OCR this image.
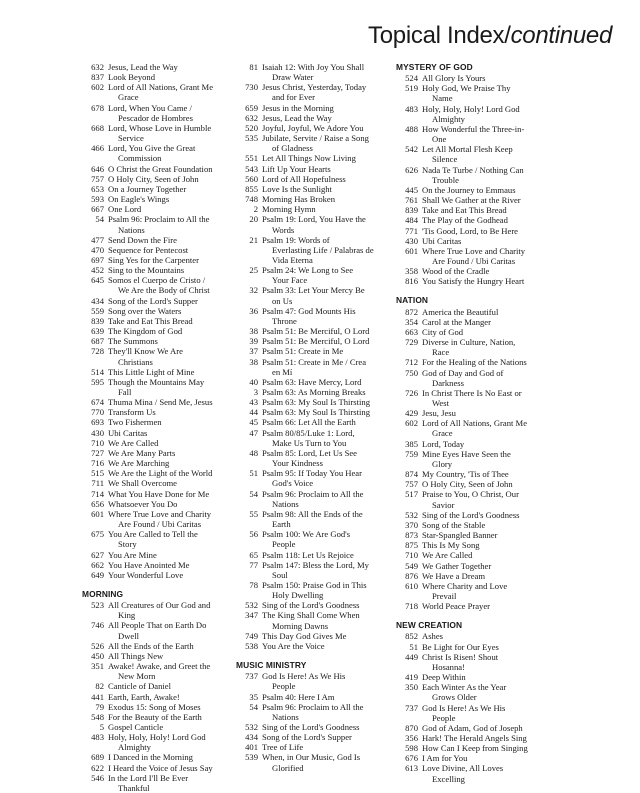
Topical Index/continued
632 Jesus, Lead the Way
837 Look Beyond
602 Lord of All Nations, Grant Me
Grace
678 Lord, When You Came /
Pescador de Hombres
668 Lord, Whose Love in Humble
Service
466 Lord, You Give the Great
Commission
646 O Christ the Great Foundation
757 O Holy City, Seen of John
653 On a Journey Together
593 On Eagle's Wings
667 One Lord
54 Psalm 96: Proclaim to All the
Nations
477 Send Down the Fire
470 Sequence for Pentecost
697 Sing Yes for the Carpenter
452 Sing to the Mountains
645 Somos el Cuerpo de Cristo /
We Are the Body of Christ
434 Song of the Lord's Supper
559 Song over the Waters
839 Take and Eat This Bread
639 The Kingdom of God
687 The Summons
728 They'll Know We Are
Christians
514 This Little Light of Mine
595 Though the Mountains May
Fall
674 Thuma Mina / Send Me, Jesus
770 Transform Us
693 Two Fishermen
430 Ubi Caritas
710 We Are Called
727 We Are Many Parts
716 We Are Marching
515 We Are the Light of the World
711 We Shall Overcome
714 What You Have Done for Me
656 Whatsoever You Do
601 Where True Love and Charity
Are Found / Ubi Caritas
675 You Are Called to Tell the
Story
627 You Are Mine
662 You Have Anointed Me
649 Your Wonderful Love
MORNING
523 All Creatures of Our God and
King
746 All People That on Earth Do
Dwell
526 All the Ends of the Earth
450 All Things New
351 Awake! Awake, and Greet the
New Morn
82 Canticle of Daniel
441 Earth, Earth, Awake!
79 Exodus 15: Song of Moses
548 For the Beauty of the Earth
5 Gospel Canticle
483 Holy, Holy, Holy! Lord God
Almighty
689 I Danced in the Morning
622 I Heard the Voice of Jesus Say
546 In the Lord I'll Be Ever
Thankful
81 Isaiah 12: With Joy You Shall
Draw Water
730 Jesus Christ, Yesterday, Today
and for Ever
659 Jesus in the Morning
632 Jesus, Lead the Way
520 Joyful, Joyful, We Adore You
535 Jubilate, Servite / Raise a Song
of Gladness
551 Let All Things Now Living
543 Lift Up Your Hearts
560 Lord of All Hopefulness
855 Love Is the Sunlight
748 Morning Has Broken
2 Morning Hymn
20 Psalm 19: Lord, You Have the
Words
21 Psalm 19: Words of
Everlasting Life / Palabras de
Vida Eterna
25 Psalm 24: We Long to See
Your Face
32 Psalm 33: Let Your Mercy Be
on Us
36 Psalm 47: God Mounts His
Throne
38 Psalm 51: Be Merciful, O Lord
39 Psalm 51: Be Merciful, O Lord
37 Psalm 51: Create in Me
38 Psalm 51: Create in Me / Crea
en Mí
40 Psalm 63: Have Mercy, Lord
3 Psalm 63: As Morning Breaks
43 Psalm 63: My Soul Is Thirsting
44 Psalm 63: My Soul Is Thirsting
45 Psalm 66: Let All the Earth
47 Psalm 80/85/Luke 1: Lord,
Make Us Turn to You
48 Psalm 85: Lord, Let Us See
Your Kindness
51 Psalm 95: If Today You Hear
God's Voice
54 Psalm 96: Proclaim to All the
Nations
55 Psalm 98: All the Ends of the
Earth
56 Psalm 100: We Are God's
People
65 Psalm 118: Let Us Rejoice
77 Psalm 147: Bless the Lord, My
Soul
78 Psalm 150: Praise God in This
Holy Dwelling
532 Sing of the Lord's Goodness
347 The King Shall Come When
Morning Dawns
749 This Day God Gives Me
538 You Are the Voice
MUSIC MINISTRY
737 God Is Here! As We His
People
35 Psalm 40: Here I Am
54 Psalm 96: Proclaim to All the
Nations
532 Sing of the Lord's Goodness
434 Song of the Lord's Supper
401 Tree of Life
539 When, in Our Music, God Is
Glorified
MYSTERY OF GOD
524 All Glory Is Yours
519 Holy God, We Praise Thy
Name
483 Holy, Holy, Holy! Lord God
Almighty
488 How Wonderful the Three-in-
One
542 Let All Mortal Flesh Keep
Silence
626 Nada Te Turbe / Nothing Can
Trouble
445 On the Journey to Emmaus
761 Shall We Gather at the River
839 Take and Eat This Bread
484 The Play of the Godhead
771 'Tis Good, Lord, to Be Here
430 Ubi Caritas
601 Where True Love and Charity
Are Found / Ubi Caritas
358 Wood of the Cradle
816 You Satisfy the Hungry Heart
NATION
872 America the Beautiful
354 Carol at the Manger
663 City of God
729 Diverse in Culture, Nation,
Race
712 For the Healing of the Nations
750 God of Day and God of
Darkness
726 In Christ There Is No East or
West
429 Jesu, Jesu
602 Lord of All Nations, Grant Me
Grace
385 Lord, Today
759 Mine Eyes Have Seen the
Glory
874 My Country, 'Tis of Thee
757 O Holy City, Seen of John
517 Praise to You, O Christ, Our
Savior
532 Sing of the Lord's Goodness
370 Song of the Stable
873 Star-Spangled Banner
875 This Is My Song
710 We Are Called
549 We Gather Together
876 We Have a Dream
610 Where Charity and Love
Prevail
718 World Peace Prayer
NEW CREATION
852 Ashes
51 Be Light for Our Eyes
449 Christ Is Risen! Shout
Hosanna!
419 Deep Within
350 Each Winter As the Year
Grows Older
737 God Is Here! As We His
People
870 God of Adam, God of Joseph
356 Hark! The Herald Angels Sing
598 How Can I Keep from Singing
676 I Am for You
613 Love Divine, All Loves
Excelling
